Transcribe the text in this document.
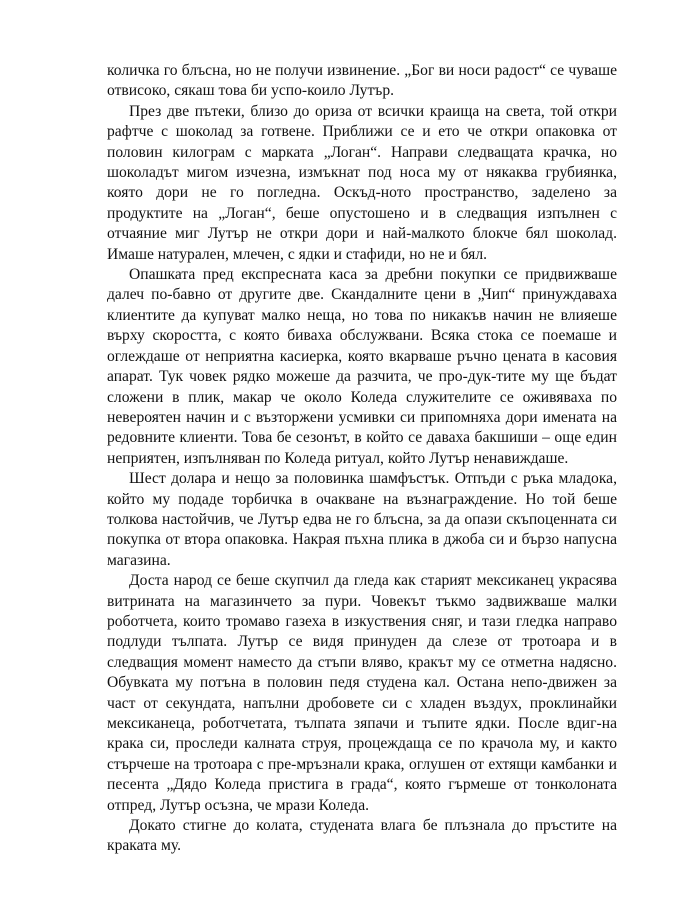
количка го блъсна, но не получи извинение. „Бог ви носи радост“ се чуваше отвисоко, сякаш това би успо-коило Лутър.

През две пътеки, близо до ориза от всички краища на света, той откри рафтче с шоколад за готвене. Приближи се и ето че откри опаковка от половин килограм с марката „Логан“. Направи следващата крачка, но шоколадът мигом изчезна, измъкнат под носа му от някаква грубиянка, която дори не го погледна. Оскъд-ното пространство, заделено за продуктите на „Логан“, беше опустошено и в следващия изпълнен с отчаяние миг Лутър не откри дори и най-малкото блокче бял шоколад. Имаше натурален, млечен, с ядки и стафиди, но не и бял.

Опашката пред експресната каса за дребни покупки се придвижваше далеч по-бавно от другите две. Скандалните цени в „Чип“ принуждаваха клиентите да купуват малко неща, но това по никакъв начин не влияеше върху скоростта, с която биваха обслужвани. Всяка стока се поемаше и оглеждаше от неприятна касиерка, която вкарваше ръчно цената в касовия апарат. Тук човек рядко можеше да разчита, че про-дук-тите му ще бъдат сложени в плик, макар че около Коледа служителите се оживяваха по невероятен начин и с възторжени усмивки си припомняха дори имената на редовните клиенти. Това бе сезонът, в който се даваха бакшиши – още един неприятен, изпълняван по Коледа ритуал, който Лутър ненавиждаше.

Шест долара и нещо за половинка шамфъстък. Отпъди с ръка младока, който му подаде торбичка в очакване на възнаграждение. Но той беше толкова настойчив, че Лутър едва не го блъсна, за да опази скъпоценната си покупка от втора опаковка. Накрая пъхна плика в джоба си и бързо напусна магазина.

Доста народ се беше скупчил да гледа как старият мексиканец украсява витрината на магазинчето за пури. Човекът тъкмо задвижваше малки роботчета, които тромаво газеха в изкуствения сняг, и тази гледка направо подлуди тълпата. Лутър се видя принуден да слезе от тротоара и в следващия момент наместо да стъпи вляво, кракът му се отметна надясно. Обувката му потъна в половин педя студена кал. Остана непо-движен за част от секундата, напълни дробовете си с хладен въздух, проклинайки мексиканеца, роботчетата, тълпата зяпачи и тъпите ядки. После вдиг-на крака си, проследи калната струя, процеждаща се по крачола му, и както стърчеше на тротоара с пре-мръзнали крака, оглушен от ехтящи камбанки и песента „Дядо Коледа пристига в града“, която гърмеше от тонколоната отпред, Лутър осъзна, че мрази Коледа.

Докато стигне до колата, студената влага бе плъзнала до пръстите на краката му.
